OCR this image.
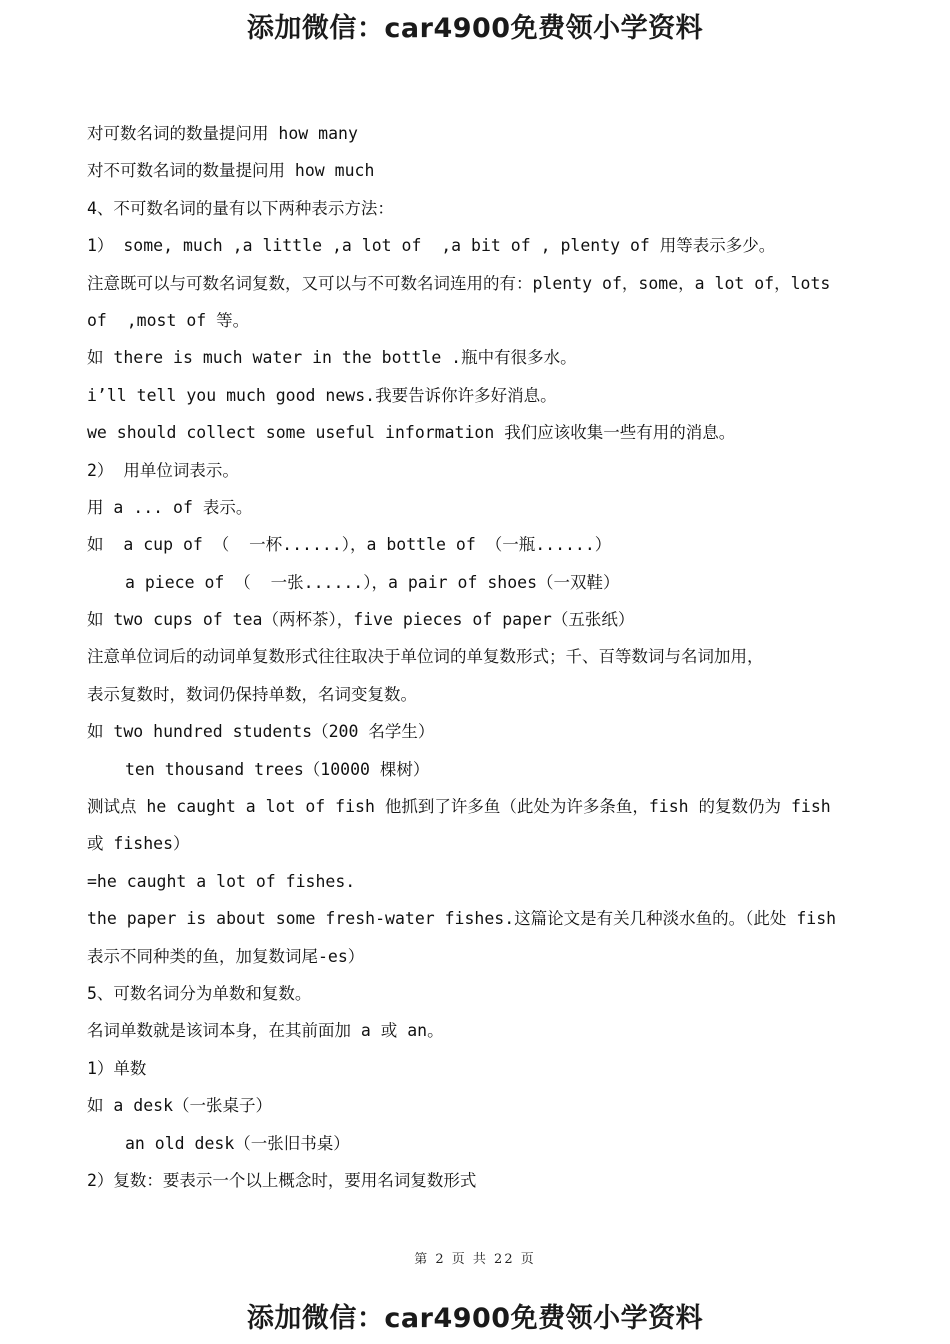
添加微信：car4900免费领小学资料
对可数名词的数量提问用 how many
对不可数名词的数量提问用 how much
4、不可数名词的量有以下两种表示方法：
1） some, much ,a little ,a lot of  ,a bit of , plenty of 用等表示多少。
注意既可以与可数名词复数，又可以与不可数名词连用的有：plenty of，some，a lot of，lots
of  ,most of 等。
如 there is much water in the bottle .瓶中有很多水。
i’ll tell you much good news.我要告诉你许多好消息。
we should collect some useful information 我们应该收集一些有用的消息。
2） 用单位词表示。
用 a ... of 表示。
如  a cup of （  一杯......），a bottle of （一瓶......）
a piece of （  一张......），a pair of shoes（一双鞋）
如 two cups of tea（两杯茶），five pieces of paper（五张纸）
注意单位词后的动词单复数形式往往取决于单位词的单复数形式；千、百等数词与名词加用，
表示复数时，数词仍保持单数，名词变复数。
如 two hundred students（200 名学生）
ten thousand trees（10000 棵树）
测试点 he caught a lot of fish 他抓到了许多鱼（此处为许多条鱼，fish 的复数仍为 fish
或 fishes）
=he caught a lot of fishes.
the paper is about some fresh-water fishes.这篇论文是有关几种淡水鱼的。（此处 fish
表示不同种类的鱼，加复数词尾-es）
5、可数名词分为单数和复数。
名词单数就是该词本身，在其前面加 a 或 an。
1）单数
如 a desk（一张桌子）
an old desk（一张旧书桌）
2）复数：要表示一个以上概念时，要用名词复数形式
第 2 页 共 22 页
添加微信：car4900免费领小学资料
